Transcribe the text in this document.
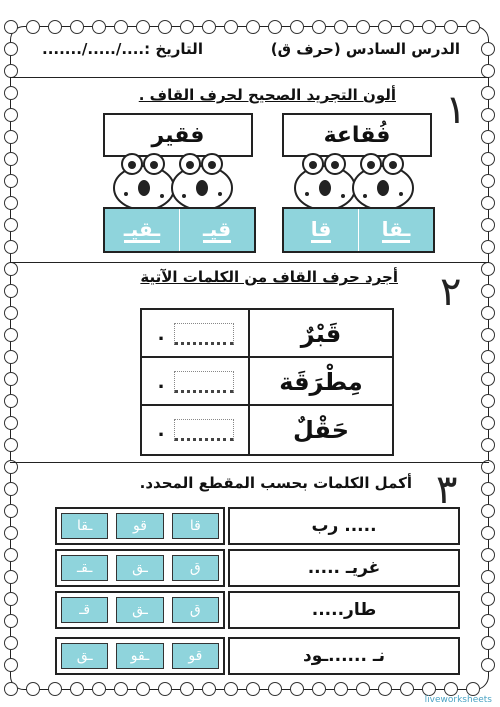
الدرس السادس (حرف ق)
التاريخ :..../...../.......
١
ألون التجريد الصحيح لحرف القاف .
فُقاعة
فقير
قا	ـقا
ـقيـ قيـ
٢
أجرد حرف القاف من الكلمات الآتية
قَبْرٌ
.
مِطْرَقَة
.
حَقْلٌ
.
٣
أكمل الكلمات بحسب المقطع المحدد.
..... رب
ـقا	قو	قا
غريـ .....
ـقـ	ـق	ق
طار.....
قـ	ـق	ق
نـ ......ـود
ـق	ـقو	قو
liveworksheets
